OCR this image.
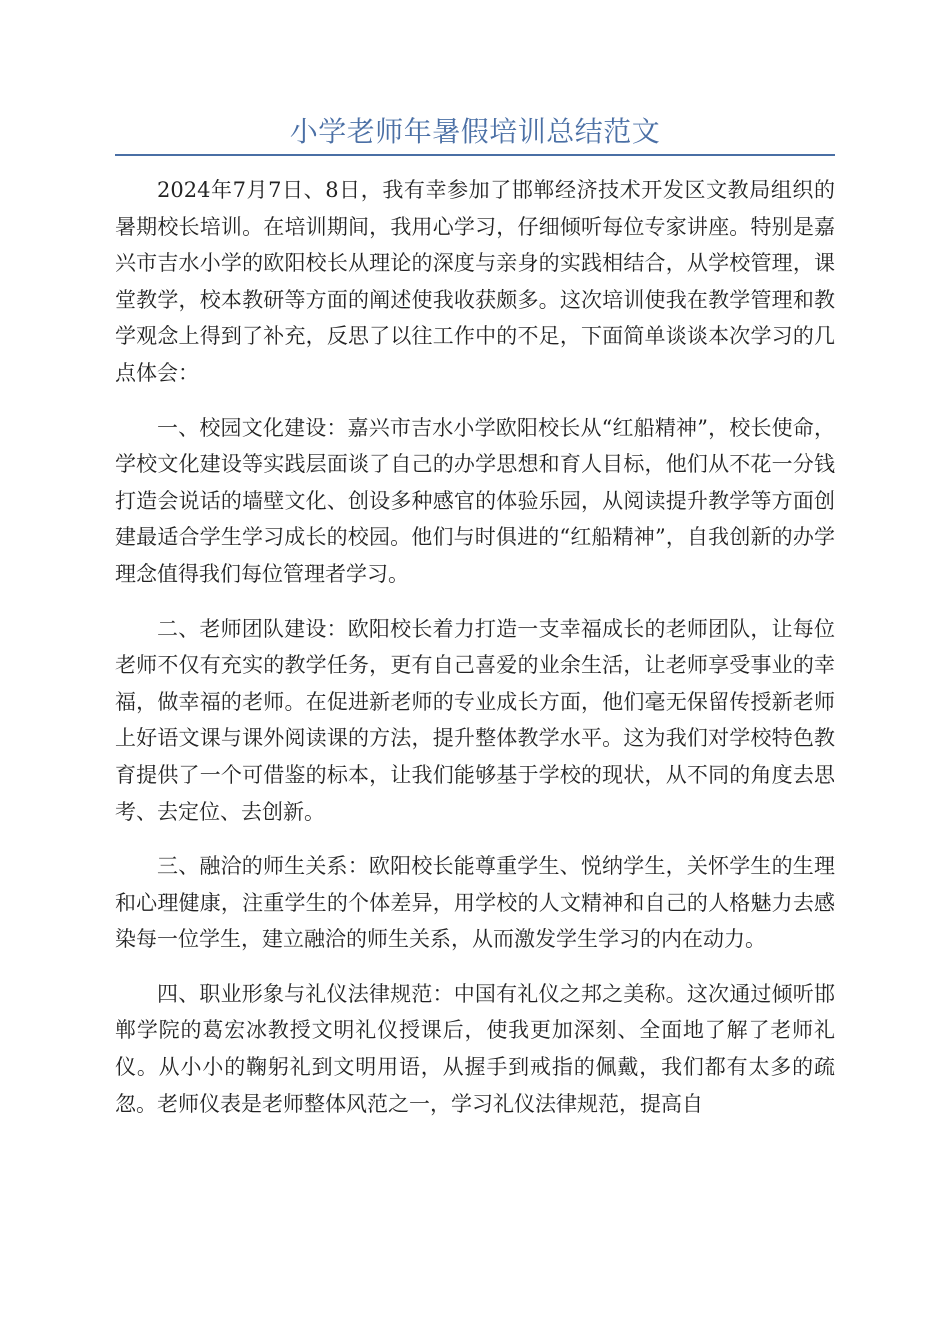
小学老师年暑假培训总结范文

2024年7月7日、8日，我有幸参加了邯郸经济技术开发区文教局组织的暑期校长培训。在培训期间，我用心学习，仔细倾听每位专家讲座。特别是嘉兴市吉水小学的欧阳校长从理论的深度与亲身的实践相结合，从学校管理，课堂教学，校本教研等方面的阐述使我收获颇多。这次培训使我在教学管理和教学观念上得到了补充，反思了以往工作中的不足，下面简单谈谈本次学习的几点体会：

一、校园文化建设：嘉兴市吉水小学欧阳校长从“红船精神”，校长使命，学校文化建设等实践层面谈了自己的办学思想和育人目标，他们从不花一分钱打造会说话的墙壁文化、创设多种感官的体验乐园，从阅读提升教学等方面创建最适合学生学习成长的校园。他们与时俱进的“红船精神”，自我创新的办学理念值得我们每位管理者学习。

二、老师团队建设：欧阳校长着力打造一支幸福成长的老师团队，让每位老师不仅有充实的教学任务，更有自己喜爱的业余生活，让老师享受事业的幸福，做幸福的老师。在促进新老师的专业成长方面，他们毫无保留传授新老师上好语文课与课外阅读课的方法，提升整体教学水平。这为我们对学校特色教育提供了一个可借鉴的标本，让我们能够基于学校的现状，从不同的角度去思考、去定位、去创新。

三、融洽的师生关系：欧阳校长能尊重学生、悦纳学生，关怀学生的生理和心理健康，注重学生的个体差异，用学校的人文精神和自己的人格魅力去感染每一位学生，建立融洽的师生关系，从而激发学生学习的内在动力。

四、职业形象与礼仪法律规范：中国有礼仪之邦之美称。这次通过倾听邯郸学院的葛宏冰教授文明礼仪授课后，使我更加深刻、全面地了解了老师礼仪。从小小的鞠躬礼到文明用语，从握手到戒指的佩戴，我们都有太多的疏忽。老师仪表是老师整体风范之一，学习礼仪法律规范，提高自
